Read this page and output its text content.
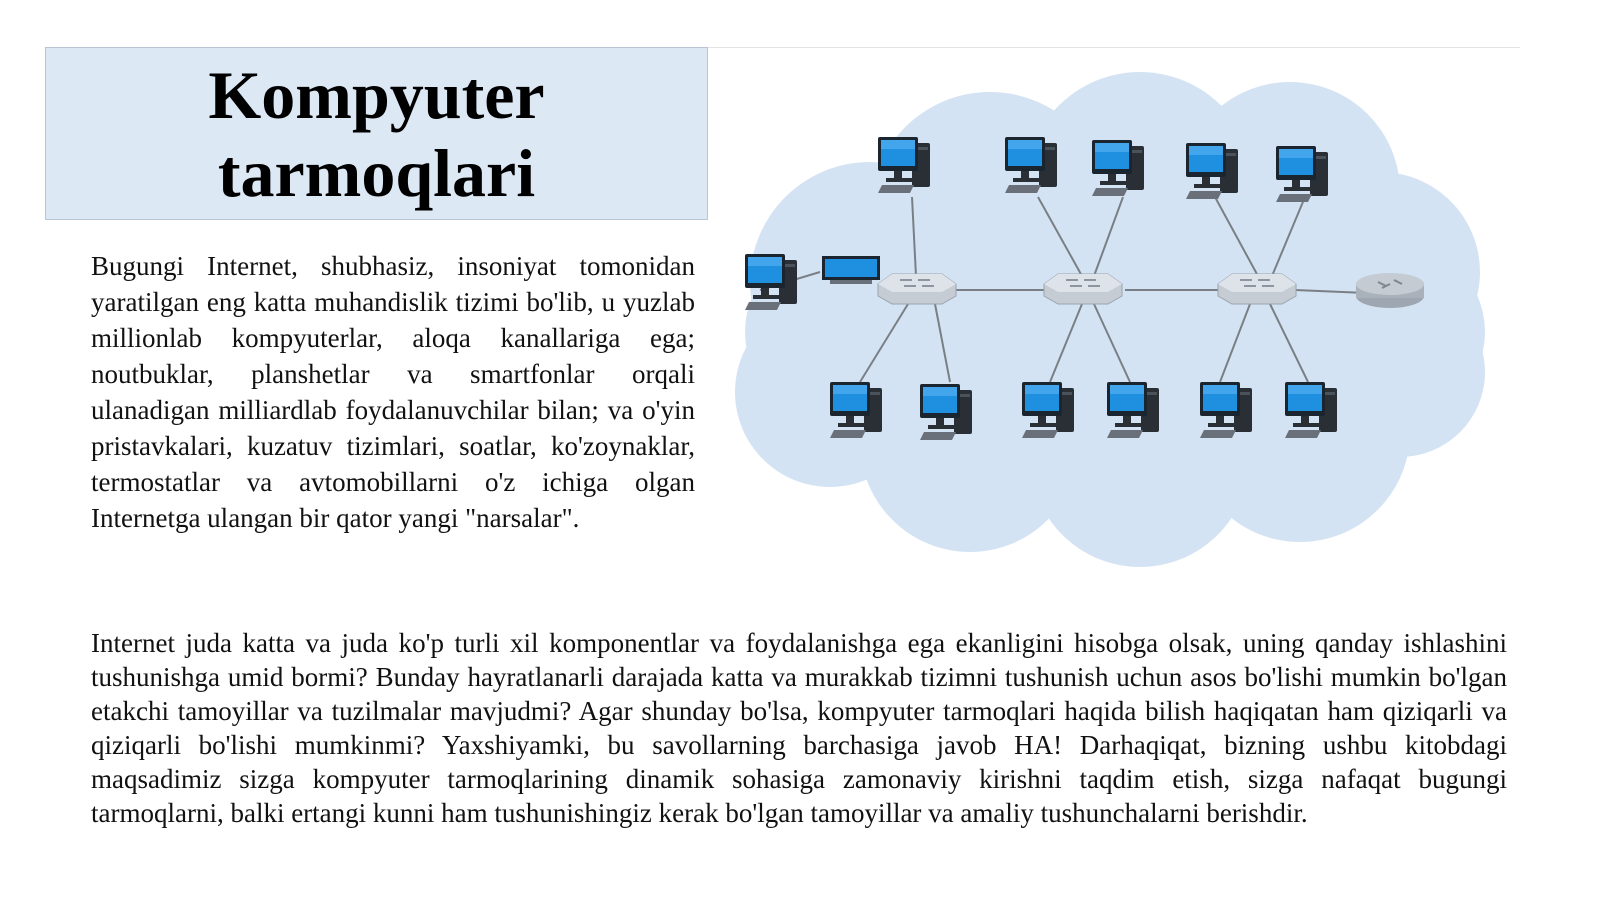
Kompyuter
tarmoqlari

Bugungi Internet, shubhasiz, insoniyat tomonidan yaratilgan eng katta muhandislik tizimi bo'lib, u yuzlab millionlab kompyuterlar, aloqa kanallariga ega; noutbuklar, planshetlar va smartfonlar orqali ulanadigan milliardlab foydalanuvchilar bilan; va o'yin pristavkalari, kuzatuv tizimlari, soatlar, ko'zoynaklar, termostatlar va avtomobillarni o'z ichiga olgan Internetga ulangan bir qator yangi "narsalar".

Internet juda katta va juda ko'p turli xil komponentlar va foydalanishga ega ekanligini hisobga olsak, uning qanday ishlashini tushunishga umid bormi? Bunday hayratlanarli darajada katta va murakkab tizimni tushunish uchun asos bo'lishi mumkin bo'lgan etakchi tamoyillar va tuzilmalar mavjudmi? Agar shunday bo'lsa, kompyuter tarmoqlari haqida bilish haqiqatan ham qiziqarli va qiziqarli bo'lishi mumkinmi? Yaxshiyamki, bu savollarning barchasiga javob HA! Darhaqiqat, bizning ushbu kitobdagi maqsadimiz sizga kompyuter tarmoqlarining dinamik sohasiga zamonaviy kirishni taqdim etish, sizga nafaqat bugungi tarmoqlarni, balki ertangi kunni ham tushunishingiz kerak bo'lgan tamoyillar va amaliy tushunchalarni berishdir.
